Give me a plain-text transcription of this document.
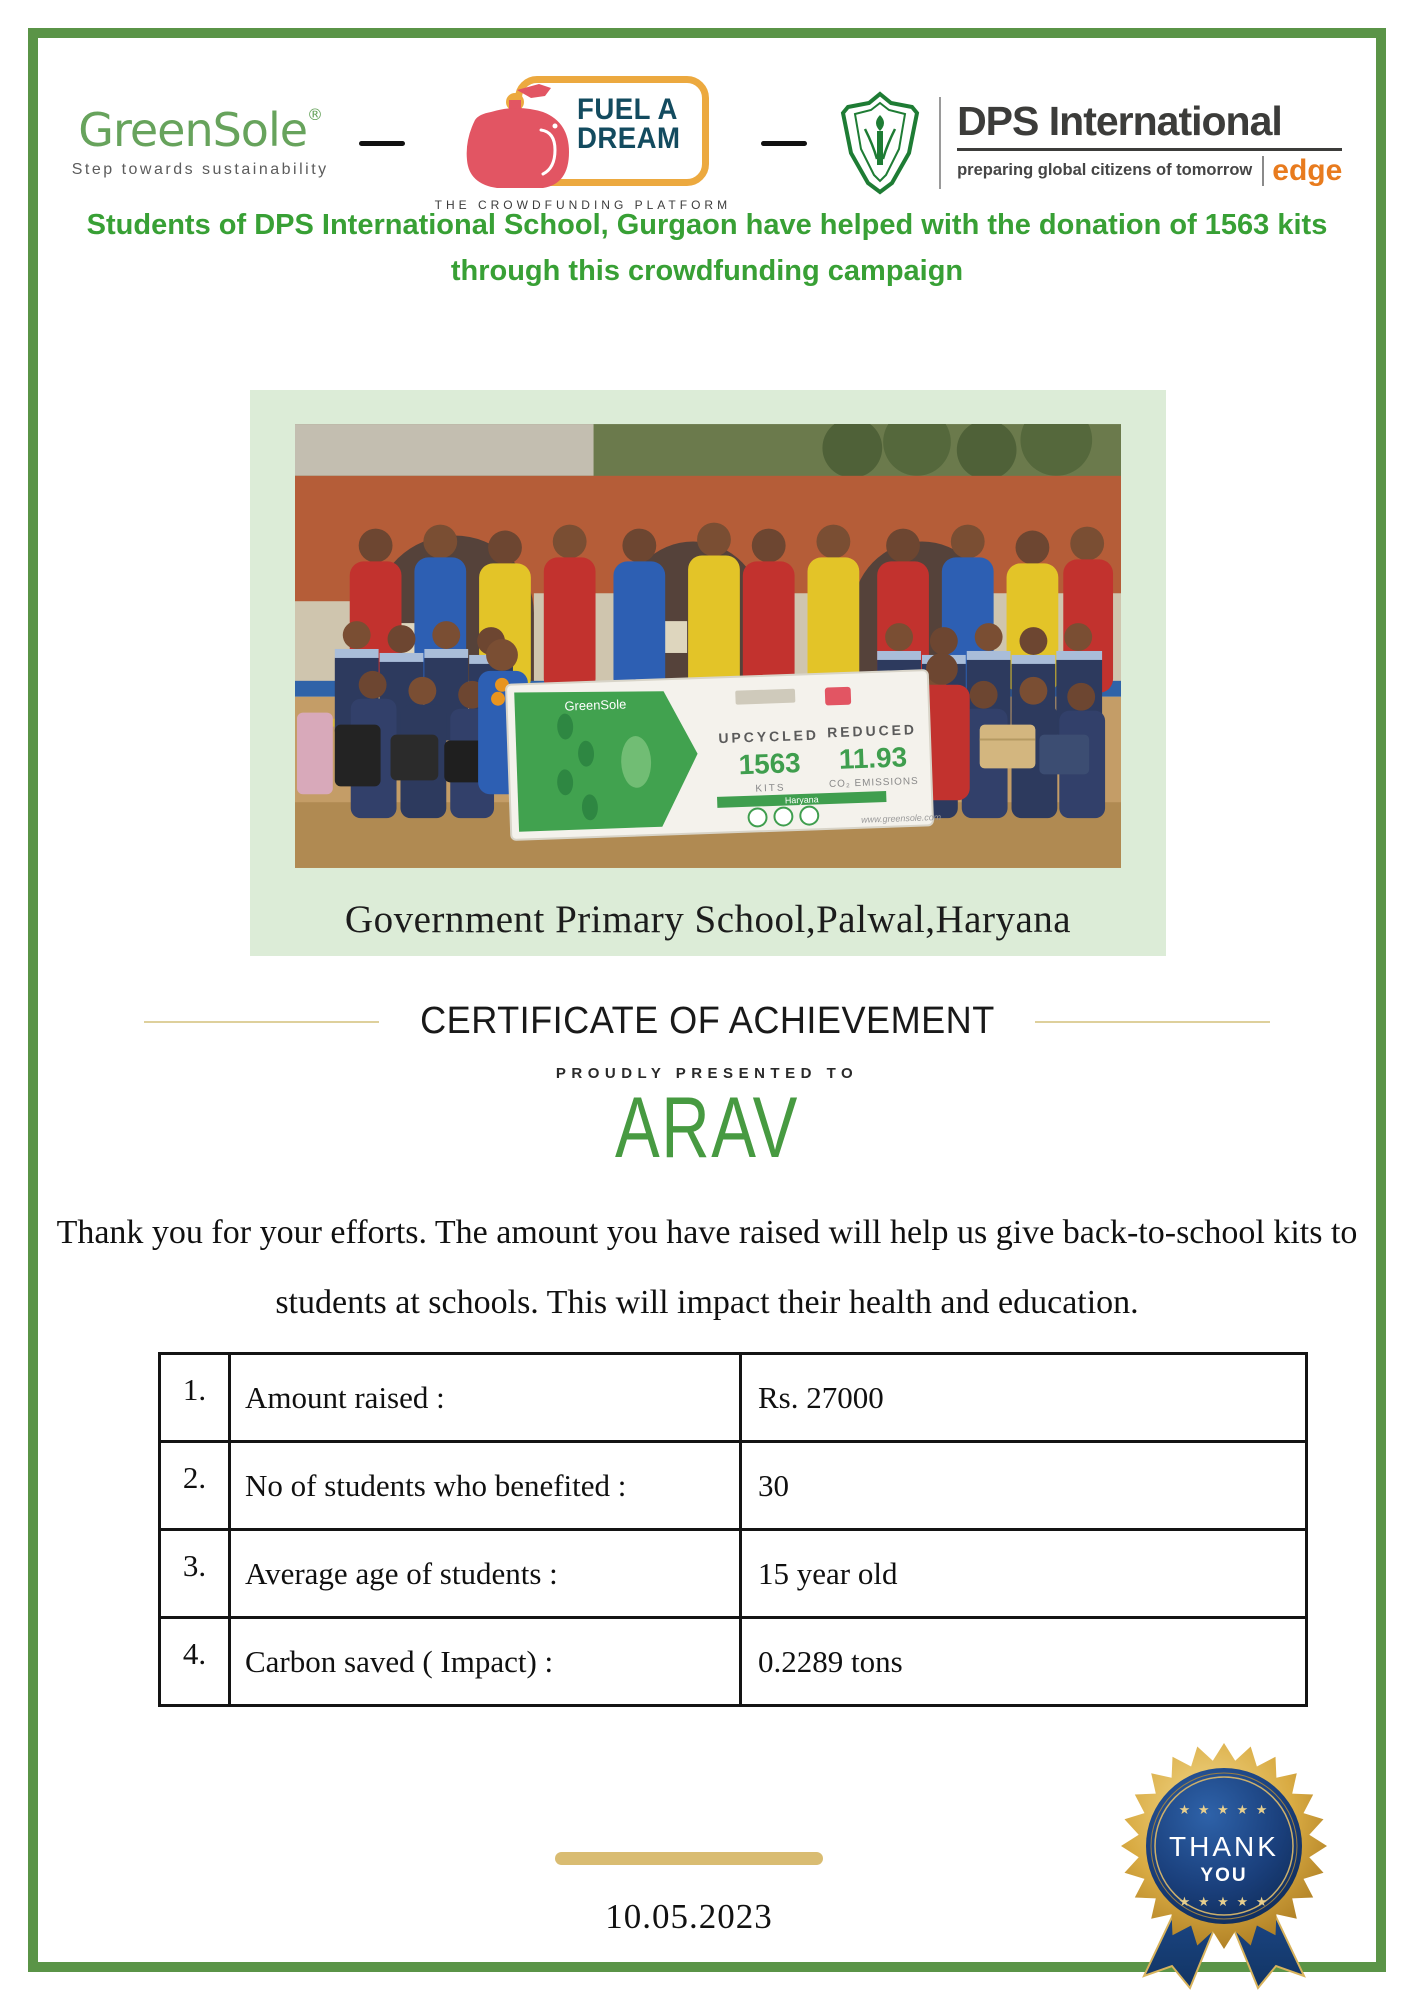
GreenSole®
Step towards sustainability
FUEL A
DREAM
THE CROWDFUNDING PLATFORM
DPS International
preparing global citizens of tomorrow edge
Students of DPS International School, Gurgaon have helped with the donation of 1563 kits through this crowdfunding campaign
GreenSole
UPCYCLED
1563
KITS
REDUCED
11.93
CO₂ EMISSIONS
Haryana
www.greensole.com
Government Primary School,Palwal,Haryana
CERTIFICATE OF ACHIEVEMENT
PROUDLY PRESENTED TO
ARAV
Thank you for your efforts. The amount you have raised will help us give back-to-school kits to students at schools. This will impact their health and education.
1.	Amount raised :	Rs. 27000
2.	No of students who benefited :	30
3.	Average age of students :	15 year old
4.	Carbon saved ( Impact) :	0.2289 tons
★ ★ ★ ★ ★
THANK
YOU
★ ★ ★ ★ ★
10.05.2023
